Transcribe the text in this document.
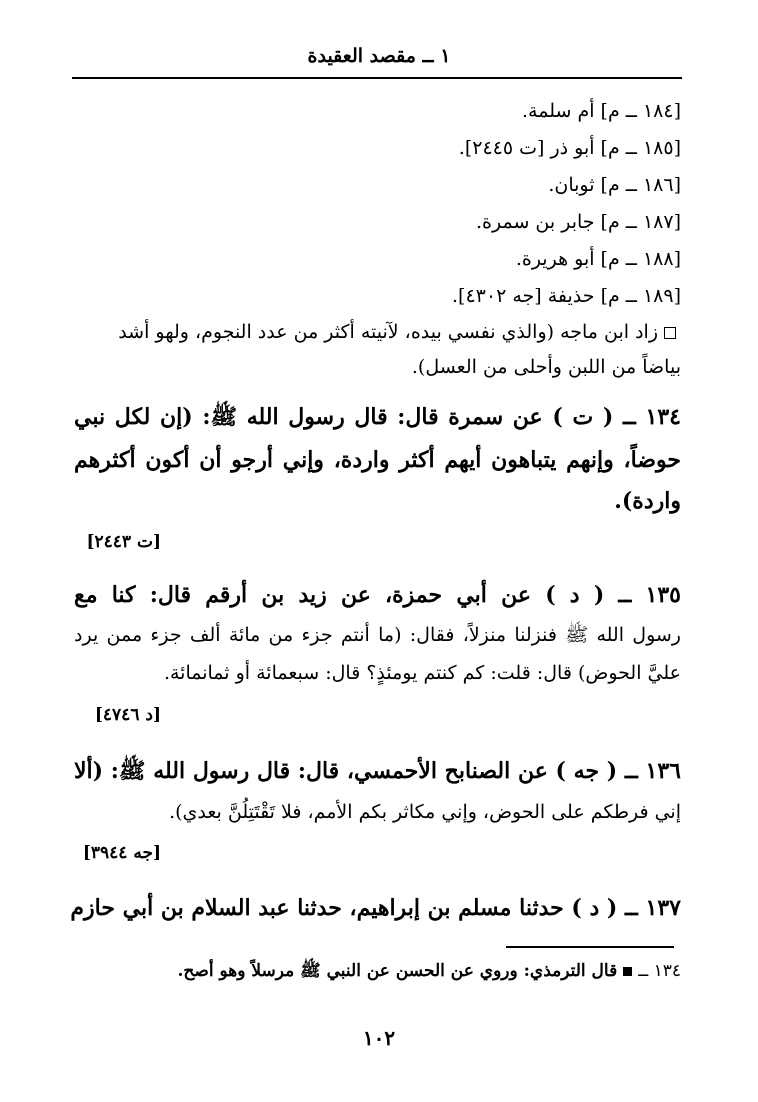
١ ــ مقصد العقيدة
[١٨٤ ــ م] أم سلمة.
[١٨٥ ــ م] أبو ذر [ت ٢٤٤٥].
[١٨٦ ــ م] ثوبان.
[١٨٧ ــ م] جابر بن سمرة.
[١٨٨ ــ م] أبو هريرة.
[١٨٩ ــ م] حذيفة [جه ٤٣٠٢].
زاد ابن ماجه (والذي نفسي بيده، لآنيته أكثر من عدد النجوم، ولهو أشد
بياضاً من اللبن وأحلى من العسل).
١٣٤ ــ ( ت ) عن سمرة قال: قال رسول الله ﷺ: (إن لكل نبي
حوضاً، وإنهم يتباهون أيهم أكثر واردة، وإني أرجو أن أكون أكثرهم
واردة).
[ت ٢٤٤٣]
١٣٥ ــ ( د ) عن أبي حمزة، عن زيد بن أرقم قال: كنا مع
رسول الله ﷺ فنزلنا منزلاً، فقال: (ما أنتم جزء من مائة ألف جزء ممن يرد
عليَّ الحوض) قال: قلت: كم كنتم يومئذٍ؟ قال: سبعمائة أو ثمانمائة.
[د ٤٧٤٦]
١٣٦ ــ ( جه ) عن الصنابح الأحمسي، قال: قال رسول الله ﷺ: (ألا
إني فرطكم على الحوض، وإني مكاثر بكم الأمم، فلا تَقْتَتِلُنَّ بعدي).
[جه ٣٩٤٤]
١٣٧ ــ ( د ) حدثنا مسلم بن إبراهيم، حدثنا عبد السلام بن أبي حازم
١٣٤ ــقال الترمذي: وروي عن الحسن عن النبي ﷺ مرسلاً وهو أصح.
١٠٢
